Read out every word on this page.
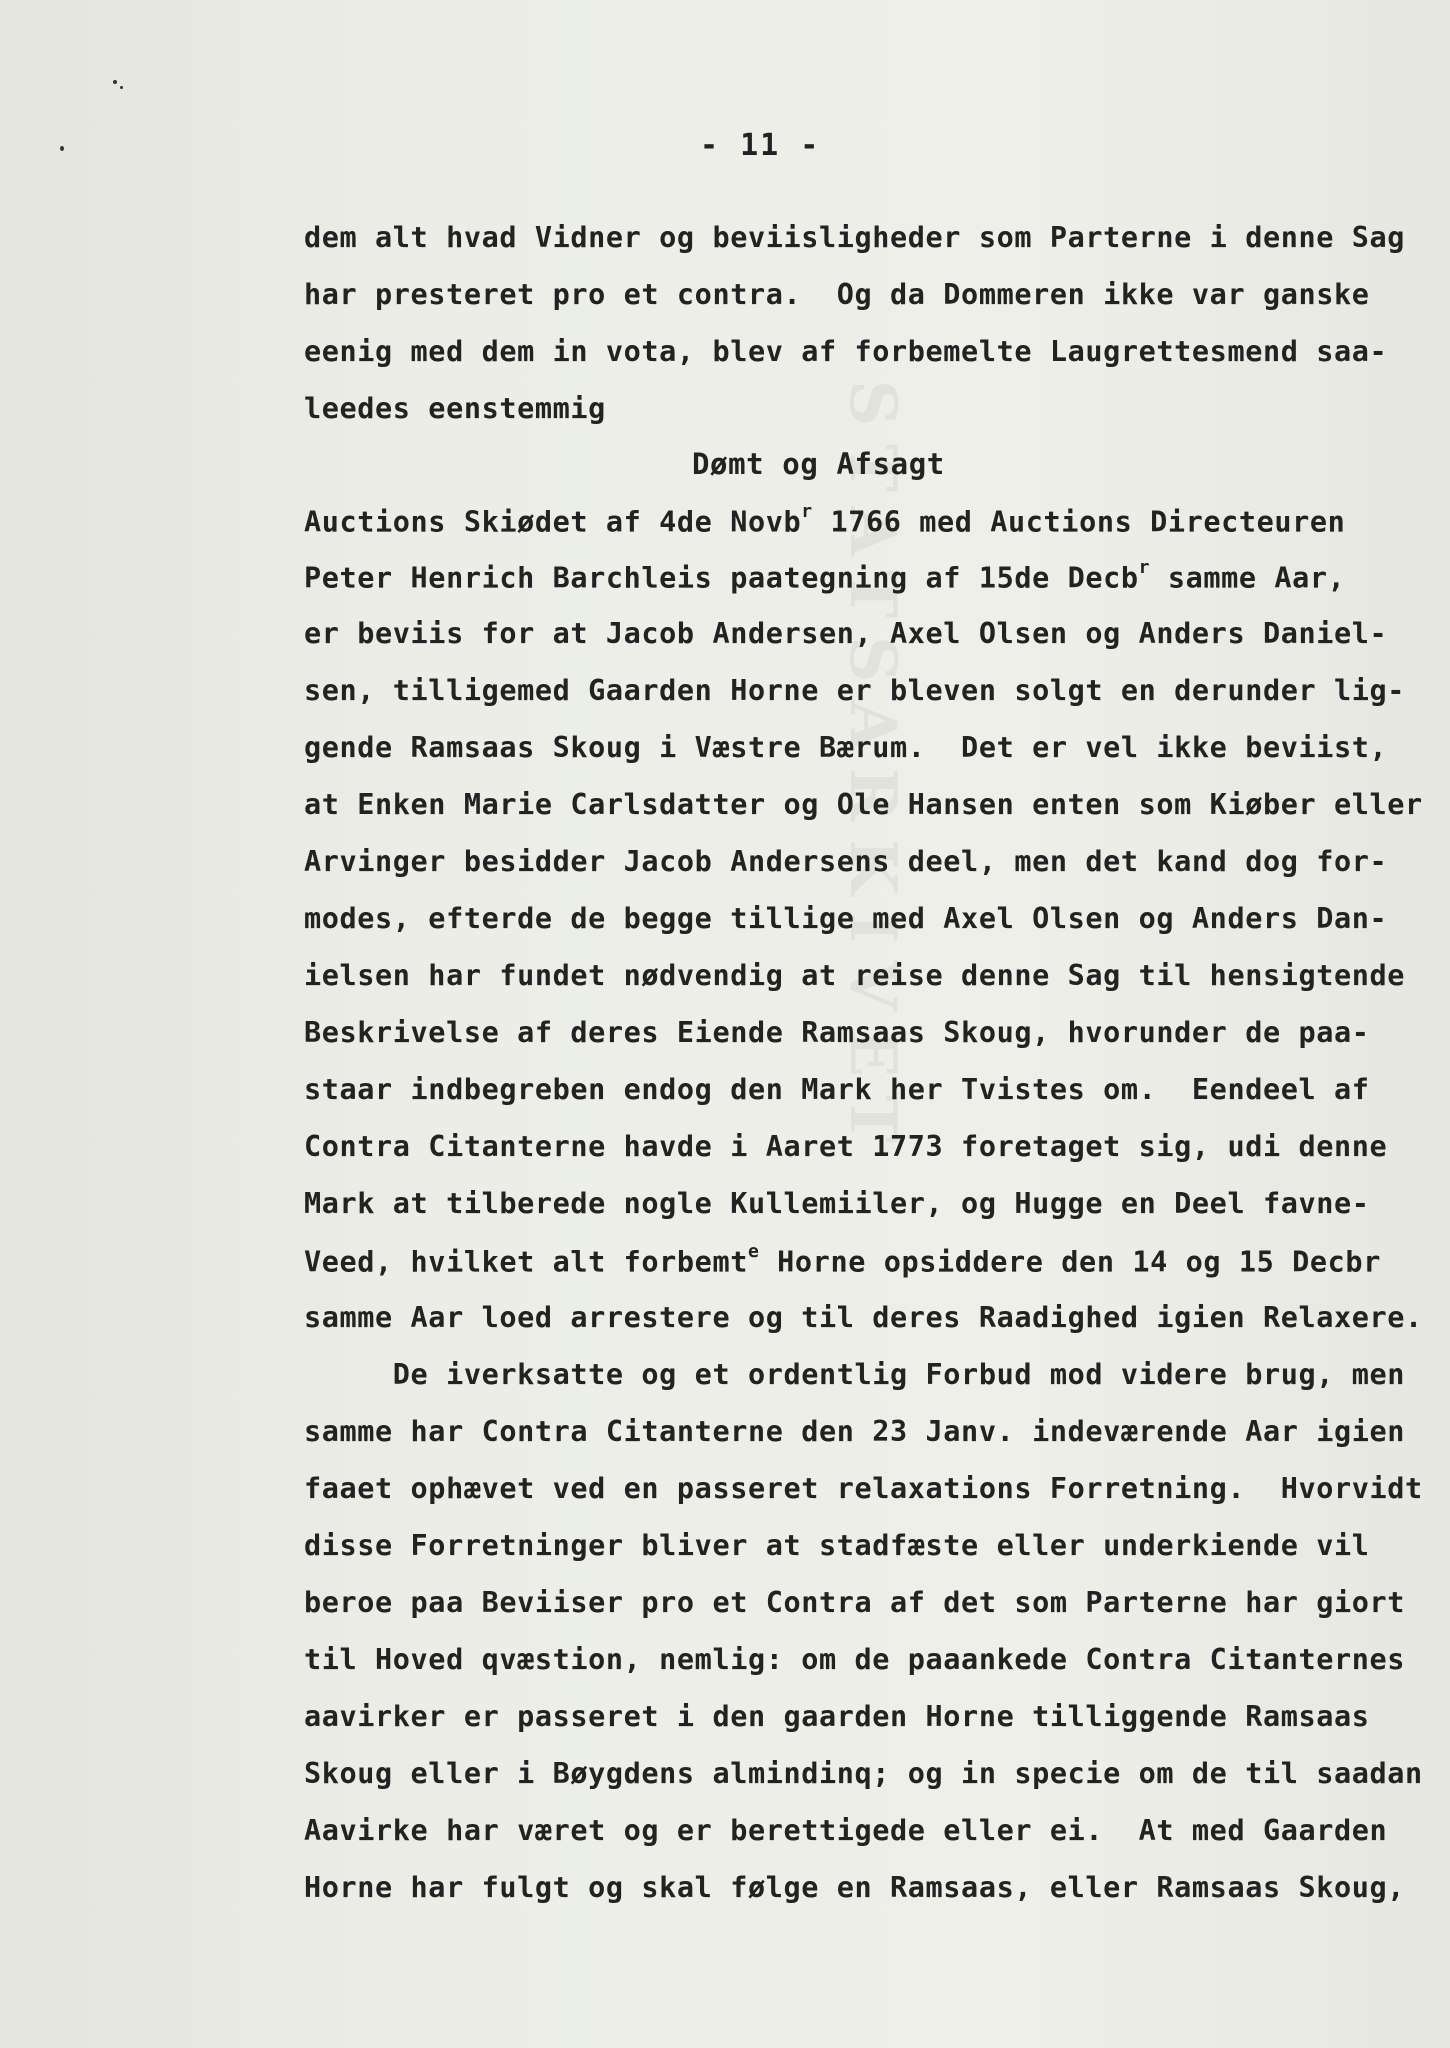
STATSARKIVET
- 11 -
dem alt hvad Vidner og beviisligheder som Parterne i denne Sag
har presteret pro et contra.  Og da Dommeren ikke var ganske
eenig med dem in vota, blev af forbemelte Laugrettesmend saa-
leedes eenstemmig
Dømt og Afsagt
Auctions Skiødet af 4de Novb$^r$ 1766 med Auctions Directeuren
Peter Henrich Barchleis paategning af 15de Decb$^r$ samme Aar,
er beviis for at Jacob Andersen, Axel Olsen og Anders Daniel-
sen, tilligemed Gaarden Horne er bleven solgt en derunder lig-
gende Ramsaas Skoug i Væstre Bærum.  Det er vel ikke beviist,
at Enken Marie Carlsdatter og Ole Hansen enten som Kiøber eller
Arvinger besidder Jacob Andersens deel, men det kand dog for-
modes, efterde de begge tillige med Axel Olsen og Anders Dan-
ielsen har fundet nødvendig at reise denne Sag til hensigtende
Beskrivelse af deres Eiende Ramsaas Skoug, hvorunder de paa-
staar indbegreben endog den Mark her Tvistes om.  Eendeel af
Contra Citanterne havde i Aaret 1773 foretaget sig, udi denne
Mark at tilberede nogle Kullemiiler, og Hugge en Deel favne-
Veed, hvilket alt forbemt$^e$ Horne opsiddere den 14 og 15 Decbr
samme Aar loed arrestere og til deres Raadighed igien Relaxere.
De iverksatte og et ordentlig Forbud mod videre brug, men
samme har Contra Citanterne den 23 Janv. indeværende Aar igien
faaet ophævet ved en passeret relaxations Forretning.  Hvorvidt
disse Forretninger bliver at stadfæste eller underkiende vil
beroe paa Beviiser pro et Contra af det som Parterne har giort
til Hoved qvæstion, nemlig: om de paaankede Contra Citanternes
aavirker er passeret i den gaarden Horne tilliggende Ramsaas
Skoug eller i Bøygdens almindinq; og in specie om de til saadan
Aavirke har været og er berettigede eller ei.  At med Gaarden
Horne har fulgt og skal følge en Ramsaas, eller Ramsaas Skoug,
